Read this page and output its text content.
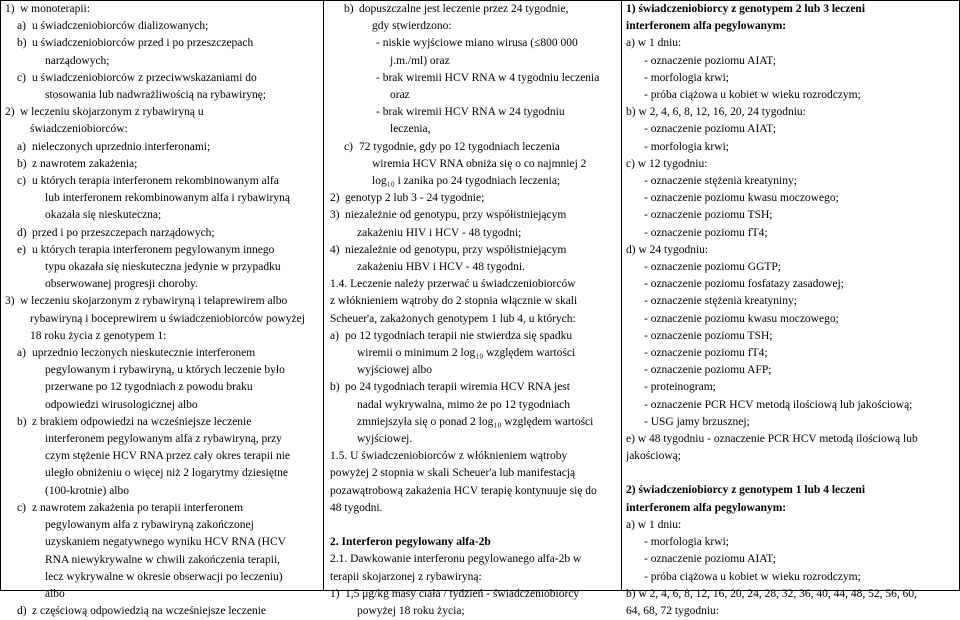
1) w monoterapii:
a) u świadczeniobiorców dializowanych;
b) u świadczeniobiorców przed i po przeszczepach
narządowych;
c) u świadczeniobiorców z przeciwwskazaniami do
stosowania lub nadwrażliwością na rybawirynę;
2) w leczeniu skojarzonym z rybawiryną u
świadczeniobiorców:
a) nieleczonych uprzednio interferonami;
b) z nawrotem zakażenia;
c) u których terapia interferonem rekombinowanym alfa
lub interferonem rekombinowanym alfa i rybawiryną
okazała się nieskuteczna;
d) przed i po przeszczepach narządowych;
e) u których terapia interferonem pegylowanym innego
typu okazała się nieskuteczna jedynie w przypadku
obserwowanej progresji choroby.
3) w leczeniu skojarzonym z rybawiryną i telaprewirem albo
rybawiryną i boceprewirem u świadczeniobiorców powyżej
18 roku życia z genotypem 1:
a) uprzednio leczonych nieskutecznie interferonem
pegylowanym i rybawiryną, u których leczenie było
przerwane po 12 tygodniach z powodu braku
odpowiedzi wirusologicznej albo
b) z brakiem odpowiedzi na wcześniejsze leczenie
interferonem pegylowanym alfa z rybawiryną, przy
czym stężenie HCV RNA przez cały okres terapii nie
uległo obniżeniu o więcej niż 2 logarytmy dziesiętne
(100-krotnie) albo
c) z nawrotem zakażenia po terapii interferonem
pegylowanym alfa z rybawiryną zakończonej
uzyskaniem negatywnego wyniku HCV RNA (HCV
RNA niewykrywalne w chwili zakończenia terapii,
lecz wykrywalne w okresie obserwacji po leczeniu)
albo
d) z częściową odpowiedzią na wcześniejsze leczenie
b) dopuszczalne jest leczenie przez 24 tygodnie,
gdy stwierdzono:
- niskie wyjściowe miano wirusa (≤800 000
j.m./ml) oraz
- brak wiremii HCV RNA w 4 tygodniu leczenia
oraz
- brak wiremii HCV RNA w 24 tygodniu
leczenia,
c) 72 tygodnie, gdy po 12 tygodniach leczenia
wiremia HCV RNA obniża się o co najmniej 2
log₁₀ i zanika po 24 tygodniach leczenia;
2) genotyp 2 lub 3 - 24 tygodnie;
3) niezależnie od genotypu, przy współistniejącym
zakażeniu HIV i HCV - 48 tygodni;
4) niezależnie od genotypu, przy współistniejącym
zakażeniu HBV i HCV - 48 tygodni.
1.4. Leczenie należy przerwać u świadczeniobiorców
z włóknieniem wątroby do 2 stopnia włącznie w skali
Scheuer'a, zakażonych genotypem 1 lub 4, u których:
a) po 12 tygodniach terapii nie stwierdza się spadku
wiremii o minimum 2 log₁₀ względem wartości
wyjściowej albo
b) po 24 tygodniach terapii wiremia HCV RNA jest
nadal wykrywalna, mimo że po 12 tygodniach
zmniejszyła się o ponad 2 log₁₀ względem wartości
wyjściowej.
1.5. U świadczeniobiorców z włóknieniem wątroby
powyżej 2 stopnia w skali Scheuer'a lub manifestacją
pozawątrobową zakażenia HCV terapię kontynuuje się do
48 tygodni.
2. Interferon pegylowany alfa-2b
2.1. Dawkowanie interferonu pegylowanego alfa-2b w
terapii skojarzonej z rybawiryną:
1) 1,5 μg/kg masy ciała / tydzień - świadczeniobiorcy
powyżej 18 roku życia;
1) świadczeniobiorcy z genotypem 2 lub 3 leczeni
interferonem alfa pegylowanym:
a) w 1 dniu:
- oznaczenie poziomu AIAT;
- morfologia krwi;
- próba ciążowa u kobiet w wieku rozrodczym;
b) w 2, 4, 6, 8, 12, 16, 20, 24 tygodniu:
- oznaczenie poziomu AIAT;
- morfologia krwi;
c) w 12 tygodniu:
- oznaczenie stężenia kreatyniny;
- oznaczenie poziomu kwasu moczowego;
- oznaczenie poziomu TSH;
- oznaczenie poziomu fT4;
d) w 24 tygodniu:
- oznaczenie poziomu GGTP;
- oznaczenie poziomu fosfatazy zasadowej;
- oznaczenie stężenia kreatyniny;
- oznaczenie poziomu kwasu moczowego;
- oznaczenie poziomu TSH;
- oznaczenie poziomu fT4;
- oznaczenie poziomu AFP;
- proteinogram;
- oznaczenie PCR HCV metodą ilościową lub jakościową;
- USG jamy brzusznej;
e) w 48 tygodniu - oznaczenie PCR HCV metodą ilościową lub
jakościową;
2) świadczeniobiorcy z genotypem 1 lub 4 leczeni
interferonem alfa pegylowanym:
a) w 1 dniu:
- morfologia krwi;
- oznaczenie poziomu AIAT;
- próba ciążowa u kobiet w wieku rozrodczym;
b) w 2, 4, 6, 8, 12, 16, 20, 24, 28, 32, 36, 40, 44, 48, 52, 56, 60,
64, 68, 72 tygodniu:
